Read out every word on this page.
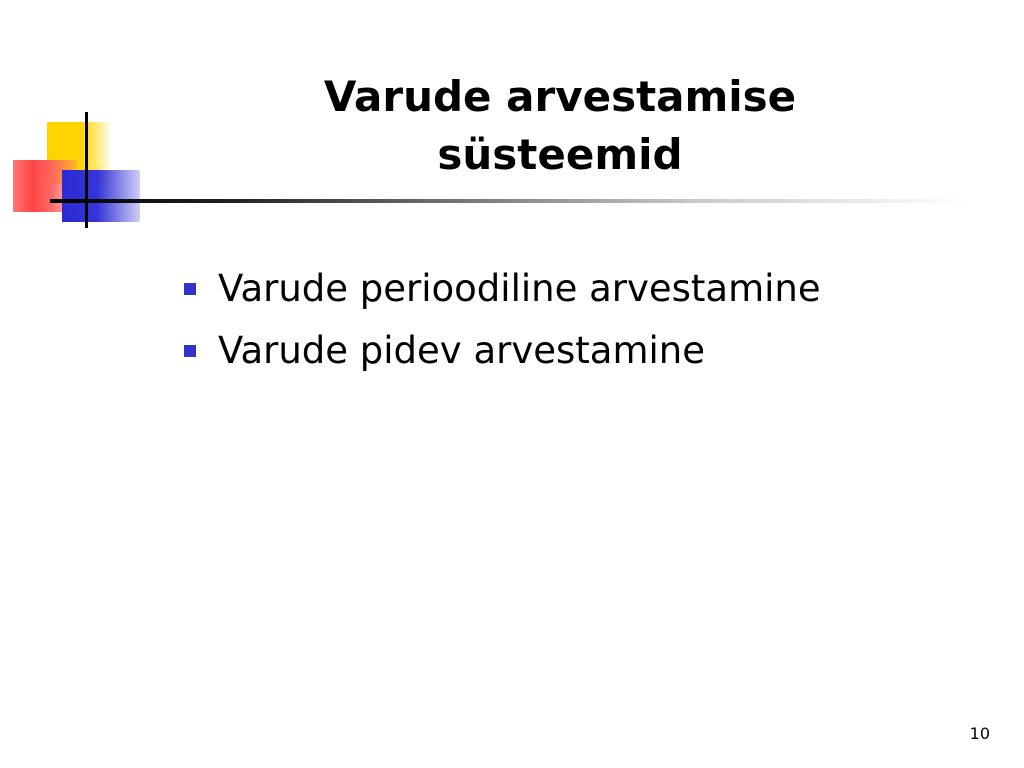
Varude arvestamise
süsteemid
Varude perioodiline arvestamine
Varude pidev arvestamine
10
